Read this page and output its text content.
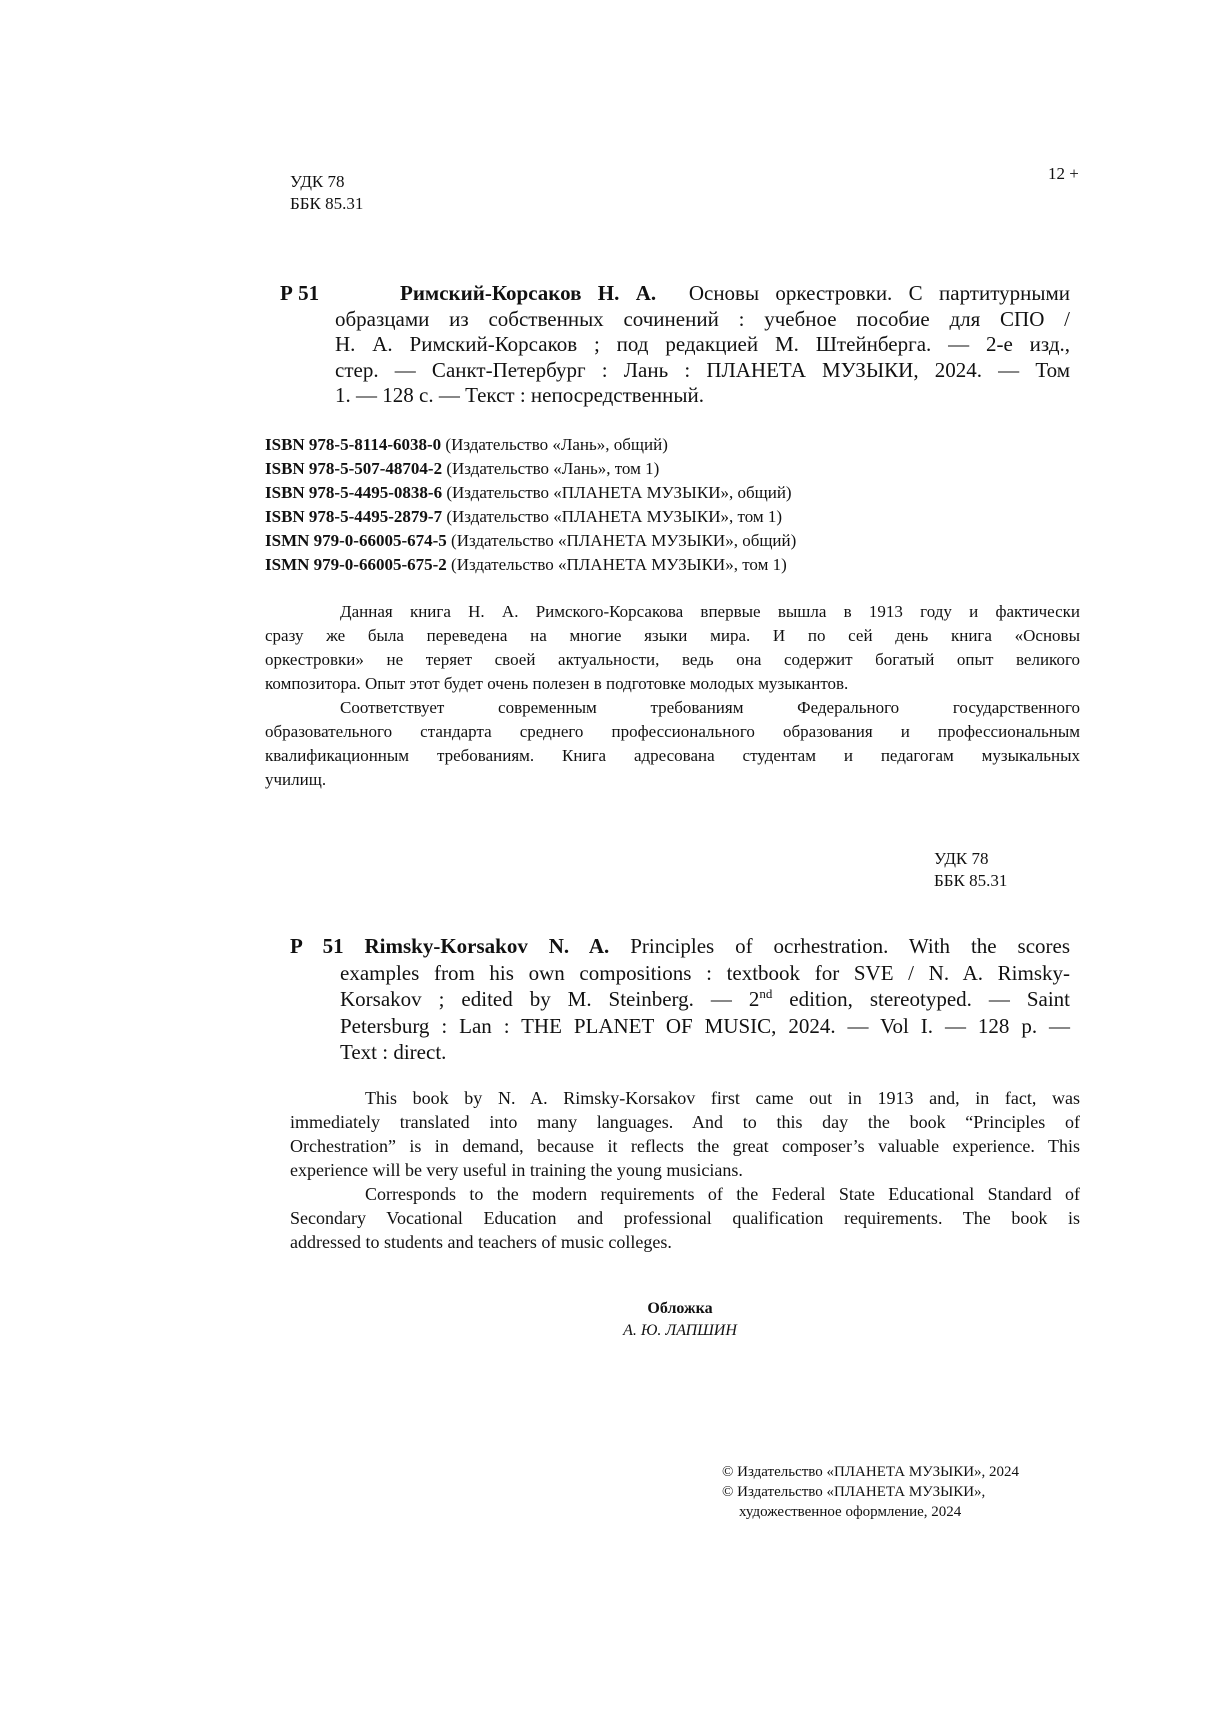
УДК 78
ББК 85.31
12 +
Р 51	Римский-Корсаков Н. А. Основы оркестровки. С партитурными
образцами из собственных сочинений : учебное пособие для СПО /
Н. А. Римский-Корсаков ; под редакцией М. Штейнберга. — 2-е изд.,
стер. — Санкт-Петербург : Лань : ПЛАНЕТА МУЗЫКИ, 2024. — Том
1. — 128 с. — Текст : непосредственный.
ISBN 978-5-8114-6038-0 (Издательство «Лань», общий)
ISBN 978-5-507-48704-2 (Издательство «Лань», том 1)
ISBN 978-5-4495-0838-6 (Издательство «ПЛАНЕТА МУЗЫКИ», общий)
ISBN 978-5-4495-2879-7 (Издательство «ПЛАНЕТА МУЗЫКИ», том 1)
ISMN 979-0-66005-674-5 (Издательство «ПЛАНЕТА МУЗЫКИ», общий)
ISMN 979-0-66005-675-2 (Издательство «ПЛАНЕТА МУЗЫКИ», том 1)
Данная книга Н. А. Римского-Корсакова впервые вышла в 1913 году и фактически
сразу же была переведена на многие языки мира. И по сей день книга «Основы
оркестровки» не теряет своей актуальности, ведь она содержит богатый опыт великого
композитора. Опыт этот будет очень полезен в подготовке молодых музыкантов.
Соответствует современным требованиям Федерального государственного
образовательного стандарта среднего профессионального образования и профессиональным
квалификационным требованиям. Книга адресована студентам и педагогам музыкальных
училищ.
УДК 78
ББК 85.31
P 51 Rimsky-Korsakov N. A. Principles of ocrhestration. With the scores
examples from his own compositions : textbook for SVE / N. A. Rimsky-
Korsakov ; edited by M. Steinberg. — 2nd edition, stereotyped. — Saint
Petersburg : Lan : THE PLANET OF MUSIC, 2024. — Vol I. — 128 p. —
Text : direct.
This book by N. A. Rimsky-Korsakov first came out in 1913 and, in fact, was
immediately translated into many languages. And to this day the book “Principles of
Orchestration” is in demand, because it reflects the great composer’s valuable experience. This
experience will be very useful in training the young musicians.
Corresponds to the modern requirements of the Federal State Educational Standard of
Secondary Vocational Education and professional qualification requirements. The book is
addressed to students and teachers of music colleges.
Обложка
А. Ю. ЛАПШИН
© Издательство «ПЛАНЕТА МУЗЫКИ», 2024
© Издательство «ПЛАНЕТА МУЗЫКИ»,
художественное оформление, 2024
